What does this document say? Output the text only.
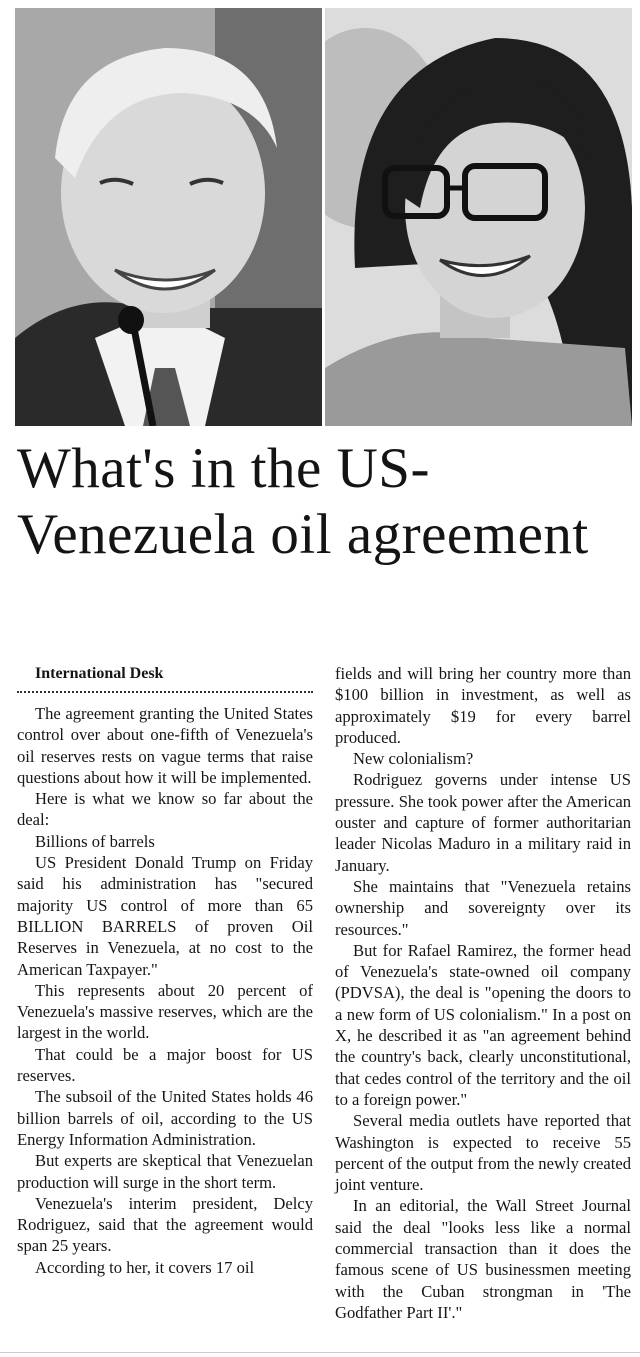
What's in the US-Venezuela oil agreement

International Desk

The agreement granting the United States control over about one-fifth of Venezuela's oil reserves rests on vague terms that raise questions about how it will be implemented.

Here is what we know so far about the deal:

Billions of barrels

US President Donald Trump on Friday said his administration has "secured majority US control of more than 65 BILLION BARRELS of proven Oil Reserves in Venezuela, at no cost to the American Taxpayer."

This represents about 20 percent of Venezuela's massive reserves, which are the largest in the world.

That could be a major boost for US reserves.

The subsoil of the United States holds 46 billion barrels of oil, according to the US Energy Information Administration.

But experts are skeptical that Venezuelan production will surge in the short term.

Venezuela's interim president, Delcy Rodriguez, said that the agreement would span 25 years.

According to her, it covers 17 oil

fields and will bring her country more than $100 billion in investment, as well as approximately $19 for every barrel produced.

New colonialism?

Rodriguez governs under intense US pressure. She took power after the American ouster and capture of former authoritarian leader Nicolas Maduro in a military raid in January.

She maintains that "Venezuela retains ownership and sovereignty over its resources."

But for Rafael Ramirez, the former head of Venezuela's state-owned oil company (PDVSA), the deal is "opening the doors to a new form of US colonialism." In a post on X, he described it as "an agreement behind the country's back, clearly unconstitutional, that cedes control of the territory and the oil to a foreign power."

Several media outlets have reported that Washington is expected to receive 55 percent of the output from the newly created joint venture.

In an editorial, the Wall Street Journal said the deal "looks less like a normal commercial transaction than it does the famous scene of US businessmen meeting with the Cuban strongman in 'The Godfather Part II'."
